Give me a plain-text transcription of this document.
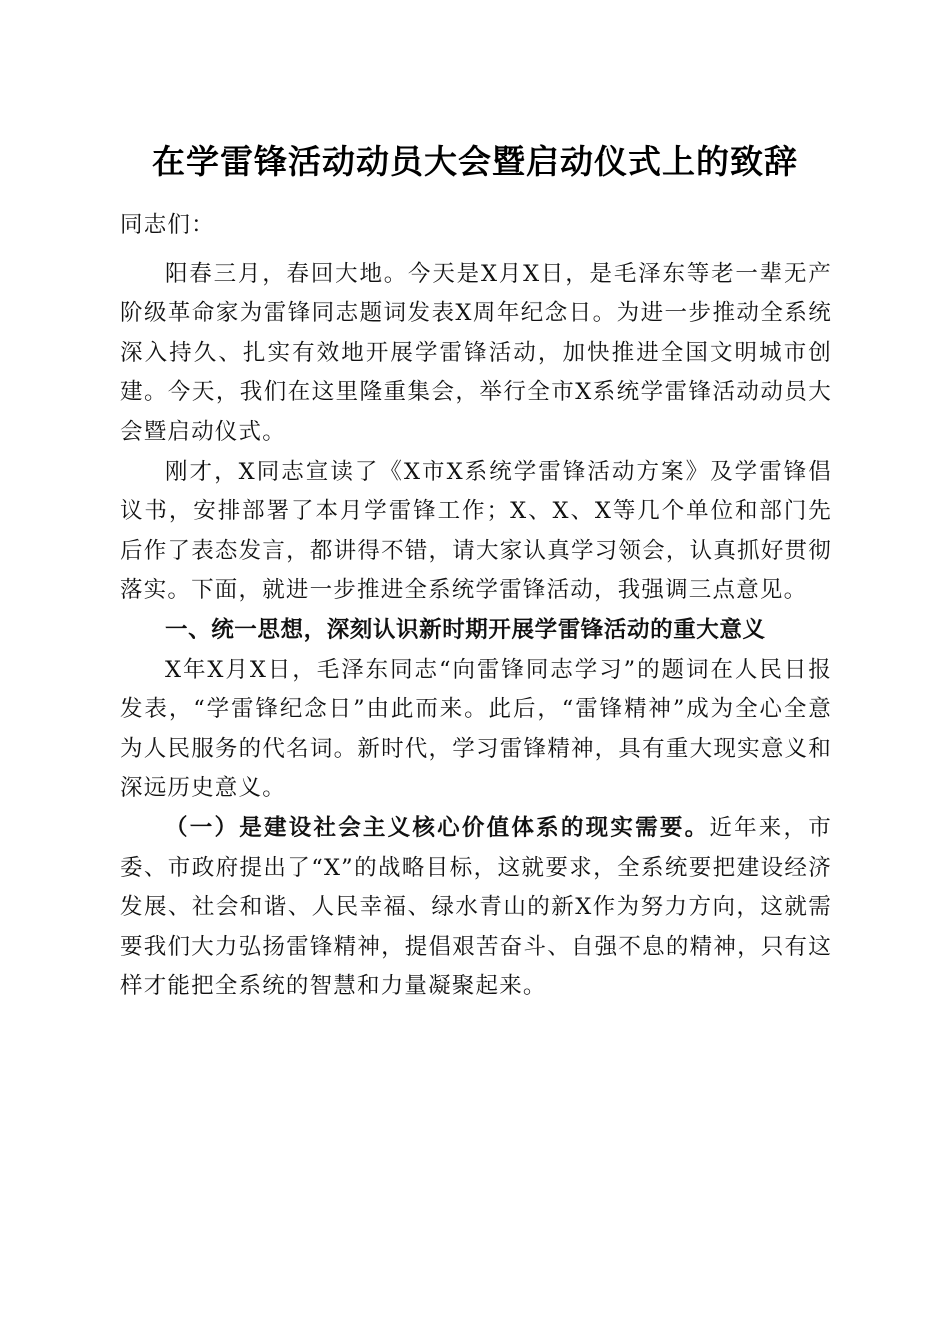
在学雷锋活动动员大会暨启动仪式上的致辞

同志们：

阳春三月，春回大地。今天是X月X日，是毛泽东等老一辈无产阶级革命家为雷锋同志题词发表X周年纪念日。为进一步推动全系统深入持久、扎实有效地开展学雷锋活动，加快推进全国文明城市创建。今天，我们在这里隆重集会，举行全市X系统学雷锋活动动员大会暨启动仪式。

刚才，X同志宣读了《X市X系统学雷锋活动方案》及学雷锋倡议书，安排部署了本月学雷锋工作；X、X、X等几个单位和部门先后作了表态发言，都讲得不错，请大家认真学习领会，认真抓好贯彻落实。下面，就进一步推进全系统学雷锋活动，我强调三点意见。

一、统一思想，深刻认识新时期开展学雷锋活动的重大意义

X年X月X日，毛泽东同志“向雷锋同志学习”的题词在人民日报发表，“学雷锋纪念日”由此而来。此后，“雷锋精神”成为全心全意为人民服务的代名词。新时代，学习雷锋精神，具有重大现实意义和深远历史意义。

（一）是建设社会主义核心价值体系的现实需要。近年来，市委、市政府提出了“X”的战略目标，这就要求，全系统要把建设经济发展、社会和谐、人民幸福、绿水青山的新X作为努力方向，这就需要我们大力弘扬雷锋精神，提倡艰苦奋斗、自强不息的精神，只有这样才能把全系统的智慧和力量凝聚起来。
